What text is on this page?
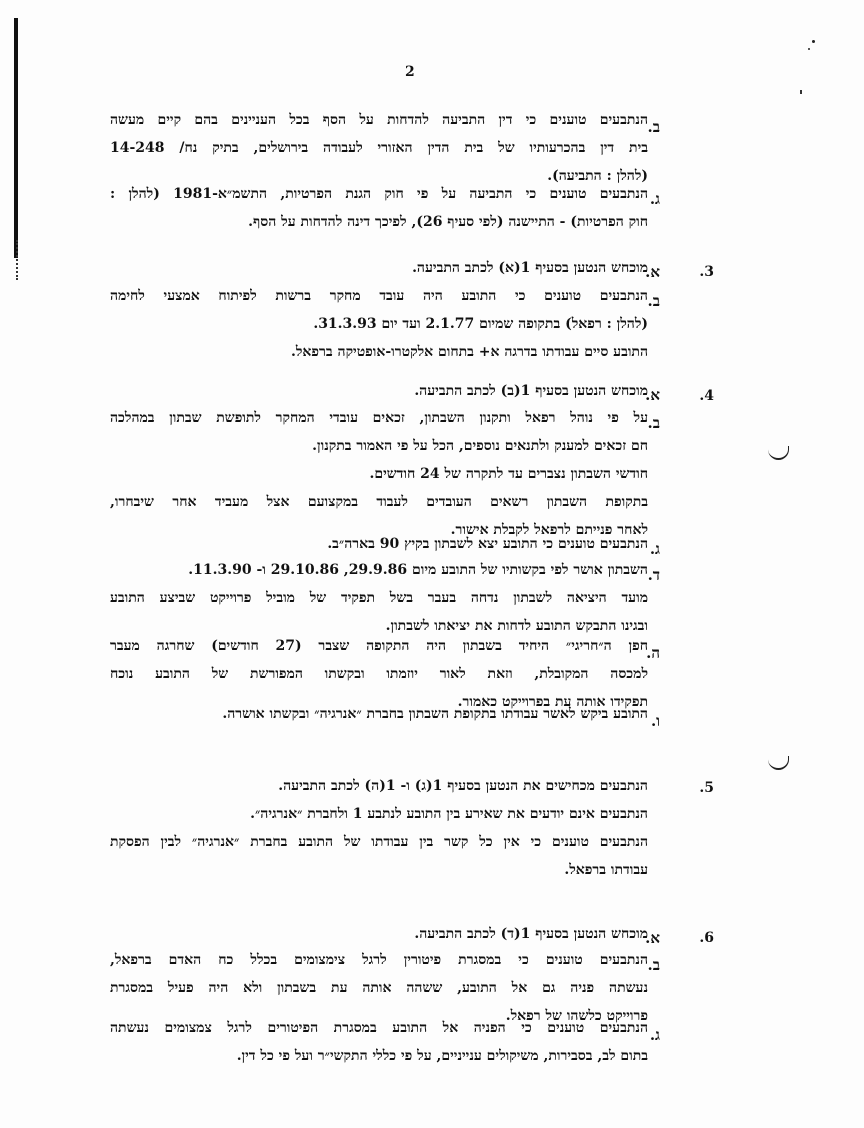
2
ב.
הנתבעים טוענים כי דין התביעה להדחות על הסף בכל העניינים בהם קיים מעשה
בית דין בהכרעותיו של בית הדין האזורי לעבודה בירושלים, בתיק נח/ 14-248
(להלן : התביעה).
ג.
הנתבעים טוענים כי התביעה על פי חוק הגנת הפרטיות, התשמ״א-1981 (להלן :
חוק הפרטיות) - התיישנה (לפי סעיף 26), לפיכך דינה להדחות על הסף.
3.
א.
מוכחש הנטען בסעיף 1(א) לכתב התביעה.
ב.
הנתבעים טוענים כי התובע היה עובד מחקר ברשות לפיתוח אמצעי לחימה
(להלן : רפאל) בתקופה שמיום 2.1.77 ועד יום 31.3.93.
התובע סיים עבודתו בדרגה א+ בתחום אלקטרו-אופטיקה ברפאל.
4.
א.
מוכחש הנטען בסעיף 1(ב) לכתב התביעה.
ב.
על פי נוהל רפאל ותקנון השבתון, זכאים עובדי המחקר לתופשת שבתון במהלכה
חם זכאים למענק ולתנאים נוספים, הכל על פי האמור בתקנון.
חודשי השבתון נצברים עד לתקרה של 24 חודשים.
בתקופת השבתון רשאים העובדים לעבוד במקצועם אצל מעביד אחר שיבחרו,
לאחר פנייתם לרפאל לקבלת אישור.
ג.
הנתבעים טוענים כי התובע יצא לשבתון בקיץ 90 בארה״ב.
ד.
השבתון אושר לפי בקשותיו של התובע מיום 29.9.86, 29.10.86 ו- 11.3.90.
מועד היציאה לשבתון נדחה בעבר בשל תפקיד של מוביל פרוייקט שביצע התובע
ובגינו התבקש התובע לדחות את יציאתו לשבתון.
ה.
חפן ה״חריגי״ היחיד בשבתון היה התקופה שצבר (27 חודשים) שחרגה מעבר
למכסה המקובלת, וזאת לאור יוזמתו ובקשתו המפורשת של התובע נוכח
תפקידו אותה עת בפרוייקט כאמור.
ו.
התובע ביקש לאשר עבודתו בתקופת השבתון בחברת ״אנרגיה״ ובקשתו אושרה.
5.
הנתבעים מכחישים את הנטען בסעיף 1(ג) ו- 1(ה) לכתב התביעה.
הנתבעים אינם יודעים את שאירע בין התובע לנתבע 1 ולחברת ״אנרגיה״.
הנתבעים טוענים כי אין כל קשר בין עבודתו של התובע בחברת ״אנרגיה״ לבין הפסקת
עבודתו ברפאל.
6.
א.
מוכחש הנטען בסעיף 1(ד) לכתב התביעה.
ב.
הנתבעים טוענים כי במסגרת פיטורין לרגל צימצומים בכלל כח האדם ברפאל,
נעשתה פניה גם אל התובע, ששהה אותה עת בשבתון ולא היה פעיל במסגרת
פרוייקט כלשהו של רפאל.
ג.
הנתבעים טוענים כי הפניה אל התובע במסגרת הפיטורים לרגל צמצומים נעשתה
בתום לב, בסבירות, משיקולים ענייניים, על פי כללי התקשי״ר ועל פי כל דין.
